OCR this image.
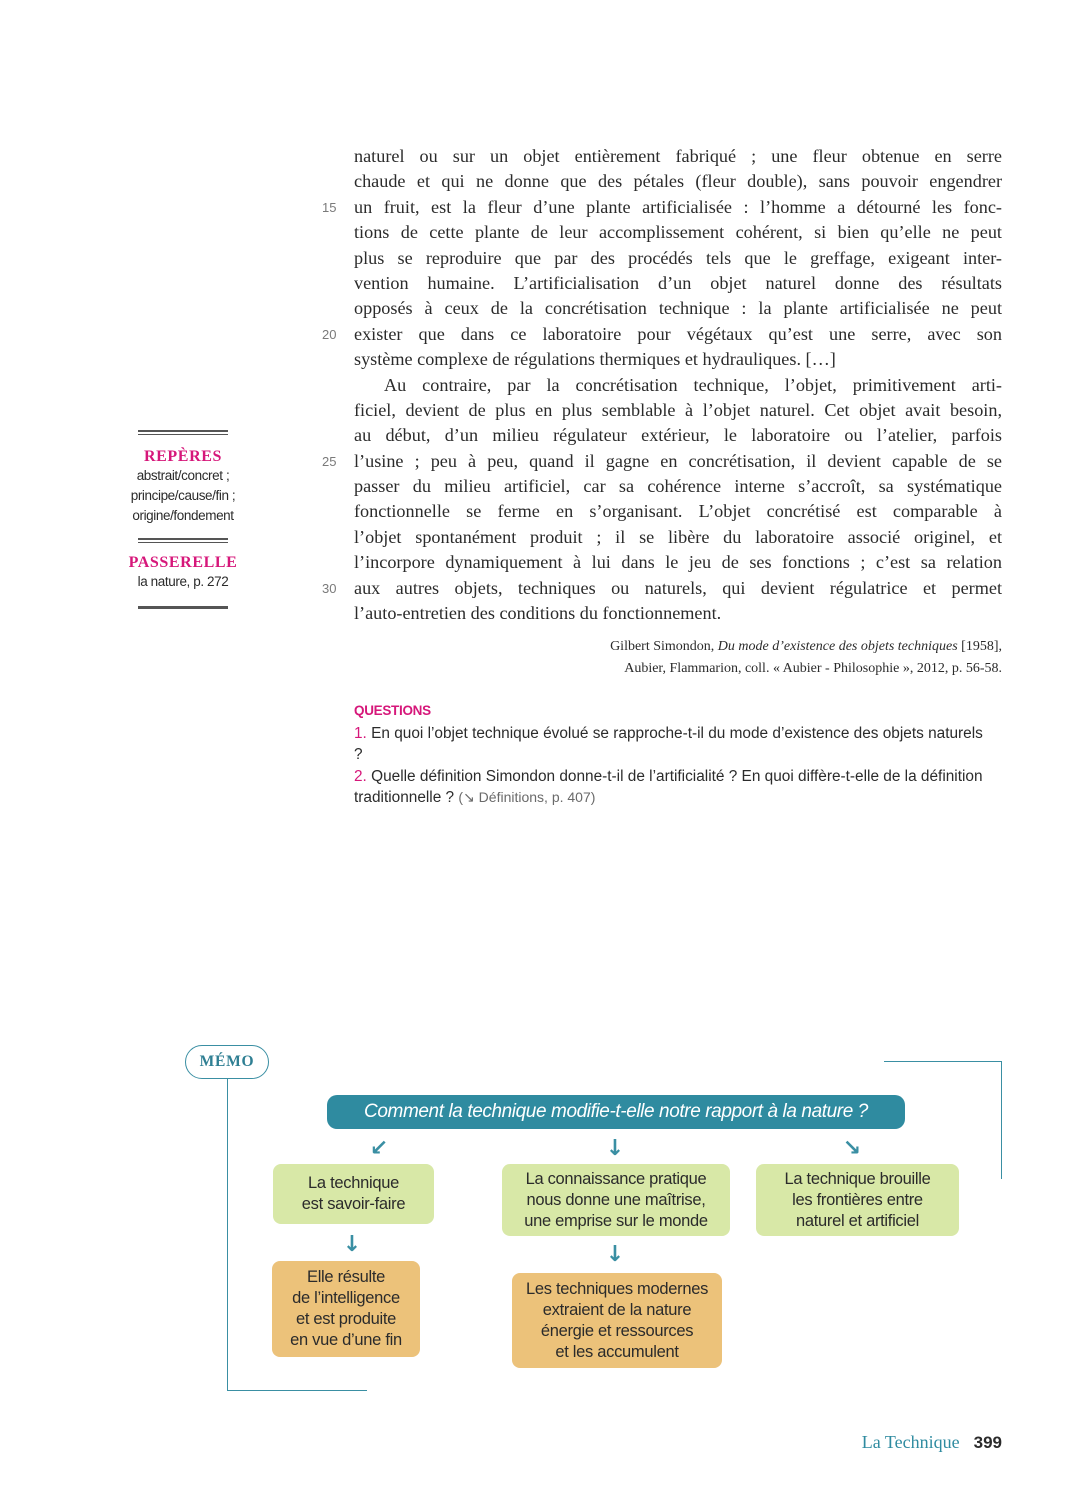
naturel ou sur un objet entièrement fabriqué ; une fleur obtenue en serre
chaude et qui ne donne que des pétales (fleur double), sans pouvoir engendrer
15 un fruit, est la fleur d’une plante artificialisée : l’homme a détourné les fonc-
tions de cette plante de leur accomplissement cohérent, si bien qu’elle ne peut
plus se reproduire que par des procédés tels que le greffage, exigeant inter-
vention humaine. L’artificialisation d’un objet naturel donne des résultats
opposés à ceux de la concrétisation technique : la plante artificialisée ne peut
20 exister que dans ce laboratoire pour végétaux qu’est une serre, avec son
système complexe de régulations thermiques et hydrauliques. […]
Au contraire, par la concrétisation technique, l’objet, primitivement arti-
ficiel, devient de plus en plus semblable à l’objet naturel. Cet objet avait besoin,
au début, d’un milieu régulateur extérieur, le laboratoire ou l’atelier, parfois
25 l’usine ; peu à peu, quand il gagne en concrétisation, il devient capable de se
passer du milieu artificiel, car sa cohérence interne s’accroît, sa systématique
fonctionnelle se ferme en s’organisant. L’objet concrétisé est comparable à
l’objet spontanément produit ; il se libère du laboratoire associé originel, et
l’incorpore dynamiquement à lui dans le jeu de ses fonctions ; c’est sa relation
30 aux autres objets, techniques ou naturels, qui devient régulatrice et permet
l’auto-entretien des conditions du fonctionnement.
Gilbert Simondon, Du mode d’existence des objets techniques [1958],
Aubier, Flammarion, coll. « Aubier - Philosophie », 2012, p. 56-58.
QUESTIONS
1. En quoi l’objet technique évolué se rapproche-t-il du mode d’existence des objets naturels ?
2. Quelle définition Simondon donne-t-il de l’artificialité ? En quoi diffère-t-elle de la définition traditionnelle ? (↘ Définitions, p. 407)
REPÈRES
abstrait/concret ;
principe/cause/fin ;
origine/fondement
PASSERELLE
la nature, p. 272
MÉMO
Comment la technique modifie-t-elle notre rapport à la nature ?
↙	↓	↘
La technique
est savoir-faire
La connaissance pratique
nous donne une maîtrise,
une emprise sur le monde
La technique brouille
les frontières entre
naturel et artificiel
↓	↓
Elle résulte
de l’intelligence
et est produite
en vue d’une fin
Les techniques modernes
extraient de la nature
énergie et ressources
et les accumulent
La Technique 399
